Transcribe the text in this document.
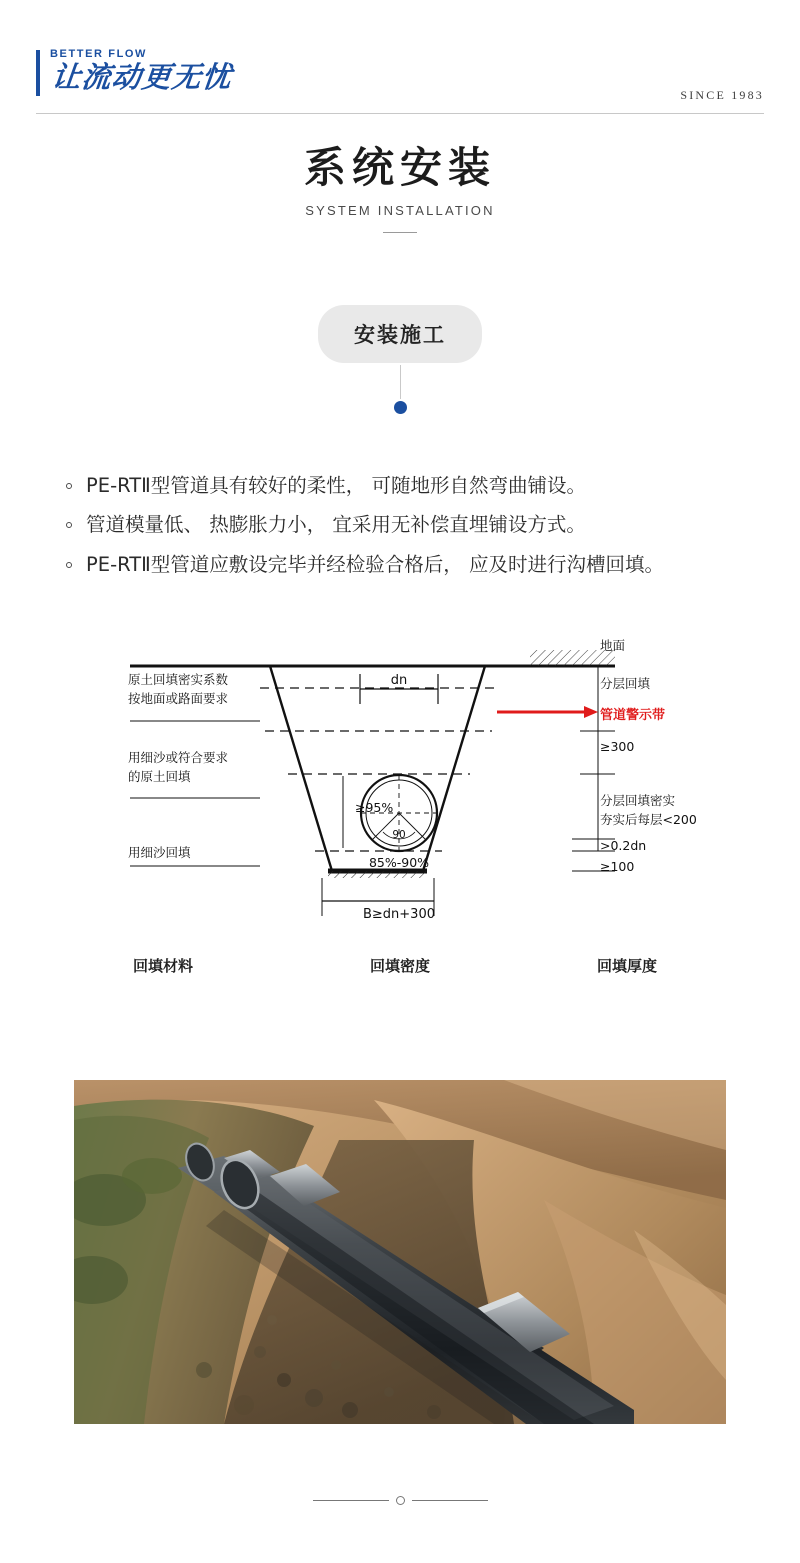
BETTER FLOW
让流动更无忧
SINCE 1983
系统安装
SYSTEM INSTALLATION
安装施工
PE-RTⅡ型管道具有较好的柔性， 可随地形自然弯曲铺设。
管道模量低、 热膨胀力小， 宜采用无补偿直埋铺设方式。
PE-RTⅡ型管道应敷设完毕并经检验合格后， 应及时进行沟槽回填。
dn
90
≥95%
85%-90%
B≥dn+300
原土回填密实系数
按地面或路面要求
用细沙或符合要求
的原土回填
用细沙回填
地面
分层回填
管道警示带
≥300
分层回填密实
夯实后每层<200
>0.2dn
≥100
回填材料	回填密度	回填厚度
